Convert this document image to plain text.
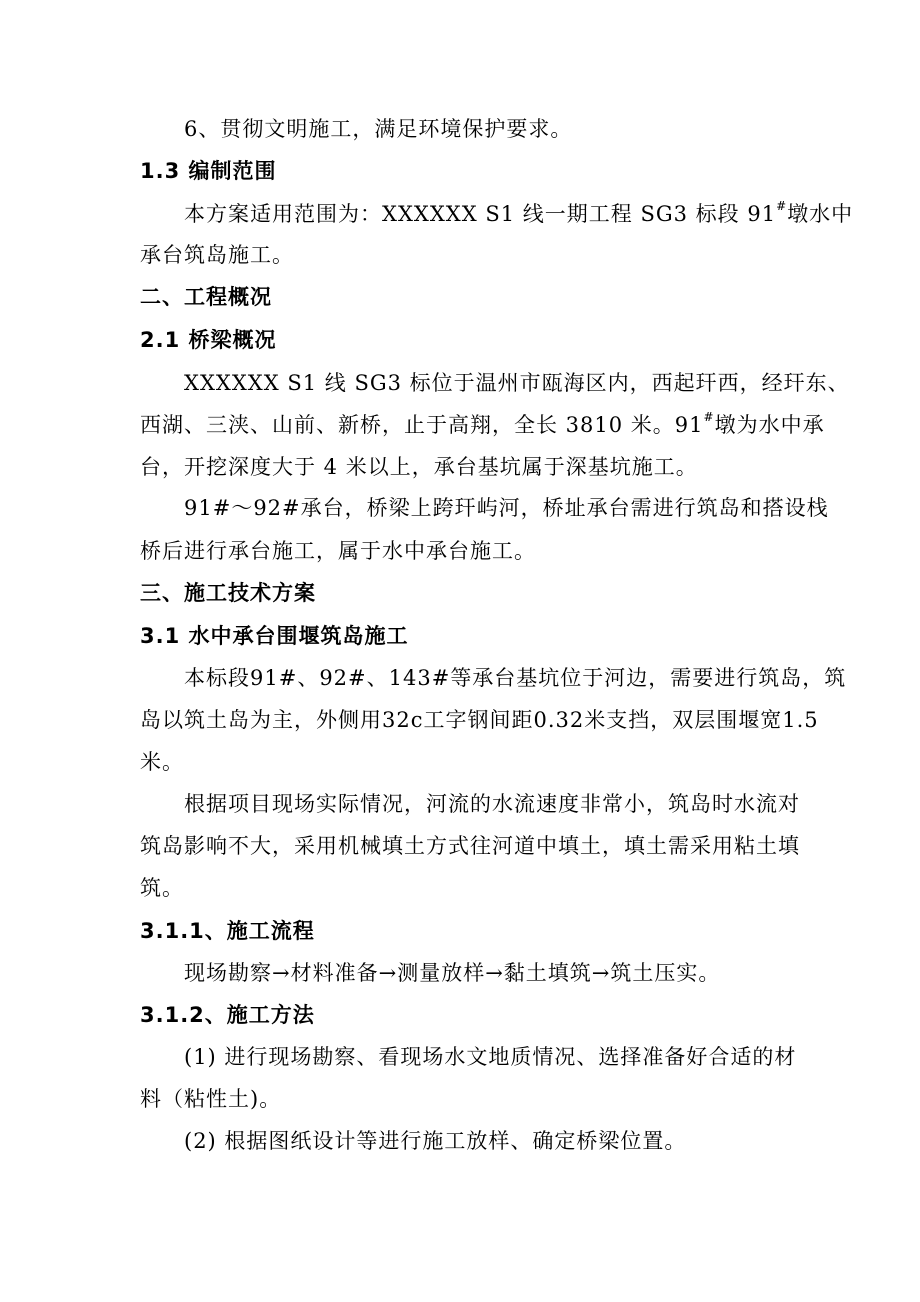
6、贯彻文明施工，满足环境保护要求。
1.3 编制范围
本方案适用范围为：XXXXXX S1 线一期工程 SG3 标段 91#墩水中
承台筑岛施工。
二、工程概况
2.1 桥梁概况
XXXXXX S1 线 SG3 标位于温州市瓯海区内，西起玕西，经玕东、
西湖、三浃、山前、新桥，止于高翔，全长 3810 米。91#墩为水中承
台，开挖深度大于 4 米以上，承台基坑属于深基坑施工。
91#～92#承台，桥梁上跨玕屿河，桥址承台需进行筑岛和搭设栈
桥后进行承台施工，属于水中承台施工。
三、施工技术方案
3.1 水中承台围堰筑岛施工
本标段91#、92#、143#等承台基坑位于河边，需要进行筑岛，筑
岛以筑土岛为主，外侧用32c工字钢间距0.32米支挡，双层围堰宽1.5
米。
根据项目现场实际情况，河流的水流速度非常小，筑岛时水流对
筑岛影响不大，采用机械填土方式往河道中填土，填土需采用粘土填
筑。
3.1.1、施工流程
现场勘察→材料准备→测量放样→黏土填筑→筑土压实。
3.1.2、施工方法
(1) 进行现场勘察、看现场水文地质情况、选择准备好合适的材
料（粘性土)。
(2) 根据图纸设计等进行施工放样、确定桥梁位置。
